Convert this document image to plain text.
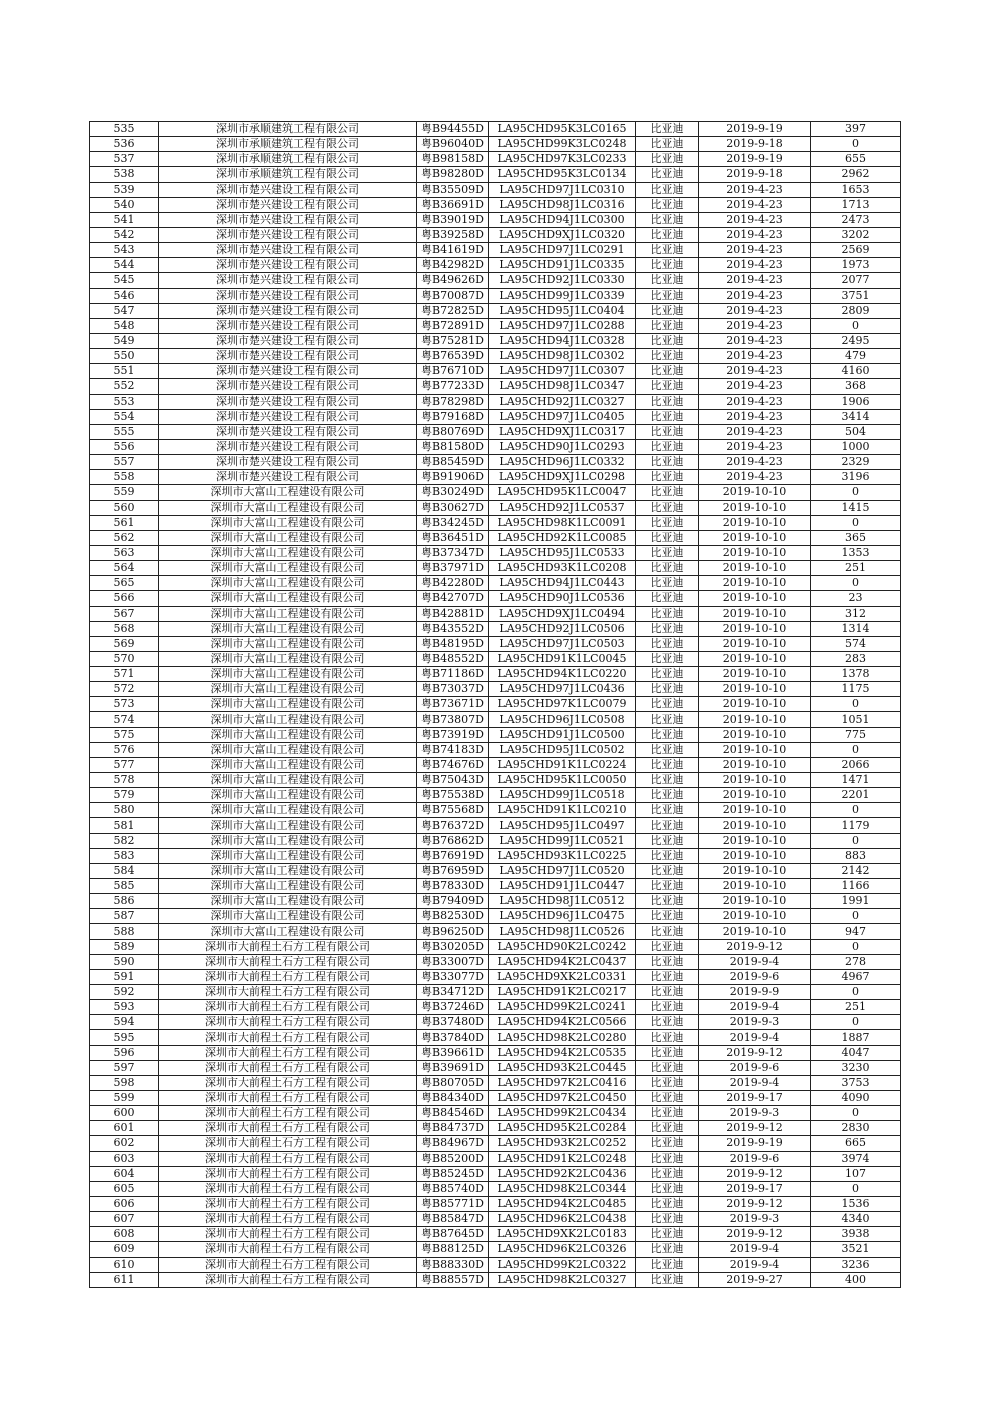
535	深圳市承顺建筑工程有限公司	粤B94455D	LA95CHD95K3LC0165	比亚迪	2019-9-19	397
536	深圳市承顺建筑工程有限公司	粤B96040D	LA95CHD99K3LC0248	比亚迪	2019-9-18	0
537	深圳市承顺建筑工程有限公司	粤B98158D	LA95CHD97K3LC0233	比亚迪	2019-9-19	655
538	深圳市承顺建筑工程有限公司	粤B98280D	LA95CHD95K3LC0134	比亚迪	2019-9-18	2962
539	深圳市楚兴建设工程有限公司	粤B35509D	LA95CHD97J1LC0310	比亚迪	2019-4-23	1653
540	深圳市楚兴建设工程有限公司	粤B36691D	LA95CHD98J1LC0316	比亚迪	2019-4-23	1713
541	深圳市楚兴建设工程有限公司	粤B39019D	LA95CHD94J1LC0300	比亚迪	2019-4-23	2473
542	深圳市楚兴建设工程有限公司	粤B39258D	LA95CHD9XJ1LC0320	比亚迪	2019-4-23	3202
543	深圳市楚兴建设工程有限公司	粤B41619D	LA95CHD97J1LC0291	比亚迪	2019-4-23	2569
544	深圳市楚兴建设工程有限公司	粤B42982D	LA95CHD91J1LC0335	比亚迪	2019-4-23	1973
545	深圳市楚兴建设工程有限公司	粤B49626D	LA95CHD92J1LC0330	比亚迪	2019-4-23	2077
546	深圳市楚兴建设工程有限公司	粤B70087D	LA95CHD99J1LC0339	比亚迪	2019-4-23	3751
547	深圳市楚兴建设工程有限公司	粤B72825D	LA95CHD95J1LC0404	比亚迪	2019-4-23	2809
548	深圳市楚兴建设工程有限公司	粤B72891D	LA95CHD97J1LC0288	比亚迪	2019-4-23	0
549	深圳市楚兴建设工程有限公司	粤B75281D	LA95CHD94J1LC0328	比亚迪	2019-4-23	2495
550	深圳市楚兴建设工程有限公司	粤B76539D	LA95CHD98J1LC0302	比亚迪	2019-4-23	479
551	深圳市楚兴建设工程有限公司	粤B76710D	LA95CHD97J1LC0307	比亚迪	2019-4-23	4160
552	深圳市楚兴建设工程有限公司	粤B77233D	LA95CHD98J1LC0347	比亚迪	2019-4-23	368
553	深圳市楚兴建设工程有限公司	粤B78298D	LA95CHD92J1LC0327	比亚迪	2019-4-23	1906
554	深圳市楚兴建设工程有限公司	粤B79168D	LA95CHD97J1LC0405	比亚迪	2019-4-23	3414
555	深圳市楚兴建设工程有限公司	粤B80769D	LA95CHD9XJ1LC0317	比亚迪	2019-4-23	504
556	深圳市楚兴建设工程有限公司	粤B81580D	LA95CHD90J1LC0293	比亚迪	2019-4-23	1000
557	深圳市楚兴建设工程有限公司	粤B85459D	LA95CHD96J1LC0332	比亚迪	2019-4-23	2329
558	深圳市楚兴建设工程有限公司	粤B91906D	LA95CHD9XJ1LC0298	比亚迪	2019-4-23	3196
559	深圳市大富山工程建设有限公司	粤B30249D	LA95CHD95K1LC0047	比亚迪	2019-10-10	0
560	深圳市大富山工程建设有限公司	粤B30627D	LA95CHD92J1LC0537	比亚迪	2019-10-10	1415
561	深圳市大富山工程建设有限公司	粤B34245D	LA95CHD98K1LC0091	比亚迪	2019-10-10	0
562	深圳市大富山工程建设有限公司	粤B36451D	LA95CHD92K1LC0085	比亚迪	2019-10-10	365
563	深圳市大富山工程建设有限公司	粤B37347D	LA95CHD95J1LC0533	比亚迪	2019-10-10	1353
564	深圳市大富山工程建设有限公司	粤B37971D	LA95CHD93K1LC0208	比亚迪	2019-10-10	251
565	深圳市大富山工程建设有限公司	粤B42280D	LA95CHD94J1LC0443	比亚迪	2019-10-10	0
566	深圳市大富山工程建设有限公司	粤B42707D	LA95CHD90J1LC0536	比亚迪	2019-10-10	23
567	深圳市大富山工程建设有限公司	粤B42881D	LA95CHD9XJ1LC0494	比亚迪	2019-10-10	312
568	深圳市大富山工程建设有限公司	粤B43552D	LA95CHD92J1LC0506	比亚迪	2019-10-10	1314
569	深圳市大富山工程建设有限公司	粤B48195D	LA95CHD97J1LC0503	比亚迪	2019-10-10	574
570	深圳市大富山工程建设有限公司	粤B48552D	LA95CHD91K1LC0045	比亚迪	2019-10-10	283
571	深圳市大富山工程建设有限公司	粤B71186D	LA95CHD94K1LC0220	比亚迪	2019-10-10	1378
572	深圳市大富山工程建设有限公司	粤B73037D	LA95CHD97J1LC0436	比亚迪	2019-10-10	1175
573	深圳市大富山工程建设有限公司	粤B73671D	LA95CHD97K1LC0079	比亚迪	2019-10-10	0
574	深圳市大富山工程建设有限公司	粤B73807D	LA95CHD96J1LC0508	比亚迪	2019-10-10	1051
575	深圳市大富山工程建设有限公司	粤B73919D	LA95CHD91J1LC0500	比亚迪	2019-10-10	775
576	深圳市大富山工程建设有限公司	粤B74183D	LA95CHD95J1LC0502	比亚迪	2019-10-10	0
577	深圳市大富山工程建设有限公司	粤B74676D	LA95CHD91K1LC0224	比亚迪	2019-10-10	2066
578	深圳市大富山工程建设有限公司	粤B75043D	LA95CHD95K1LC0050	比亚迪	2019-10-10	1471
579	深圳市大富山工程建设有限公司	粤B75538D	LA95CHD99J1LC0518	比亚迪	2019-10-10	2201
580	深圳市大富山工程建设有限公司	粤B75568D	LA95CHD91K1LC0210	比亚迪	2019-10-10	0
581	深圳市大富山工程建设有限公司	粤B76372D	LA95CHD95J1LC0497	比亚迪	2019-10-10	1179
582	深圳市大富山工程建设有限公司	粤B76862D	LA95CHD99J1LC0521	比亚迪	2019-10-10	0
583	深圳市大富山工程建设有限公司	粤B76919D	LA95CHD93K1LC0225	比亚迪	2019-10-10	883
584	深圳市大富山工程建设有限公司	粤B76959D	LA95CHD97J1LC0520	比亚迪	2019-10-10	2142
585	深圳市大富山工程建设有限公司	粤B78330D	LA95CHD91J1LC0447	比亚迪	2019-10-10	1166
586	深圳市大富山工程建设有限公司	粤B79409D	LA95CHD98J1LC0512	比亚迪	2019-10-10	1991
587	深圳市大富山工程建设有限公司	粤B82530D	LA95CHD96J1LC0475	比亚迪	2019-10-10	0
588	深圳市大富山工程建设有限公司	粤B96250D	LA95CHD98J1LC0526	比亚迪	2019-10-10	947
589	深圳市大前程土石方工程有限公司	粤B30205D	LA95CHD90K2LC0242	比亚迪	2019-9-12	0
590	深圳市大前程土石方工程有限公司	粤B33007D	LA95CHD94K2LC0437	比亚迪	2019-9-4	278
591	深圳市大前程土石方工程有限公司	粤B33077D	LA95CHD9XK2LC0331	比亚迪	2019-9-6	4967
592	深圳市大前程土石方工程有限公司	粤B34712D	LA95CHD91K2LC0217	比亚迪	2019-9-9	0
593	深圳市大前程土石方工程有限公司	粤B37246D	LA95CHD99K2LC0241	比亚迪	2019-9-4	251
594	深圳市大前程土石方工程有限公司	粤B37480D	LA95CHD94K2LC0566	比亚迪	2019-9-3	0
595	深圳市大前程土石方工程有限公司	粤B37840D	LA95CHD98K2LC0280	比亚迪	2019-9-4	1887
596	深圳市大前程土石方工程有限公司	粤B39661D	LA95CHD94K2LC0535	比亚迪	2019-9-12	4047
597	深圳市大前程土石方工程有限公司	粤B39691D	LA95CHD93K2LC0445	比亚迪	2019-9-6	3230
598	深圳市大前程土石方工程有限公司	粤B80705D	LA95CHD97K2LC0416	比亚迪	2019-9-4	3753
599	深圳市大前程土石方工程有限公司	粤B84340D	LA95CHD97K2LC0450	比亚迪	2019-9-17	4090
600	深圳市大前程土石方工程有限公司	粤B84546D	LA95CHD99K2LC0434	比亚迪	2019-9-3	0
601	深圳市大前程土石方工程有限公司	粤B84737D	LA95CHD95K2LC0284	比亚迪	2019-9-12	2830
602	深圳市大前程土石方工程有限公司	粤B84967D	LA95CHD93K2LC0252	比亚迪	2019-9-19	665
603	深圳市大前程土石方工程有限公司	粤B85200D	LA95CHD91K2LC0248	比亚迪	2019-9-6	3974
604	深圳市大前程土石方工程有限公司	粤B85245D	LA95CHD92K2LC0436	比亚迪	2019-9-12	107
605	深圳市大前程土石方工程有限公司	粤B85740D	LA95CHD98K2LC0344	比亚迪	2019-9-17	0
606	深圳市大前程土石方工程有限公司	粤B85771D	LA95CHD94K2LC0485	比亚迪	2019-9-12	1536
607	深圳市大前程土石方工程有限公司	粤B85847D	LA95CHD96K2LC0438	比亚迪	2019-9-3	4340
608	深圳市大前程土石方工程有限公司	粤B87645D	LA95CHD9XK2LC0183	比亚迪	2019-9-12	3938
609	深圳市大前程土石方工程有限公司	粤B88125D	LA95CHD96K2LC0326	比亚迪	2019-9-4	3521
610	深圳市大前程土石方工程有限公司	粤B88330D	LA95CHD99K2LC0322	比亚迪	2019-9-4	3236
611	深圳市大前程土石方工程有限公司	粤B88557D	LA95CHD98K2LC0327	比亚迪	2019-9-27	400
